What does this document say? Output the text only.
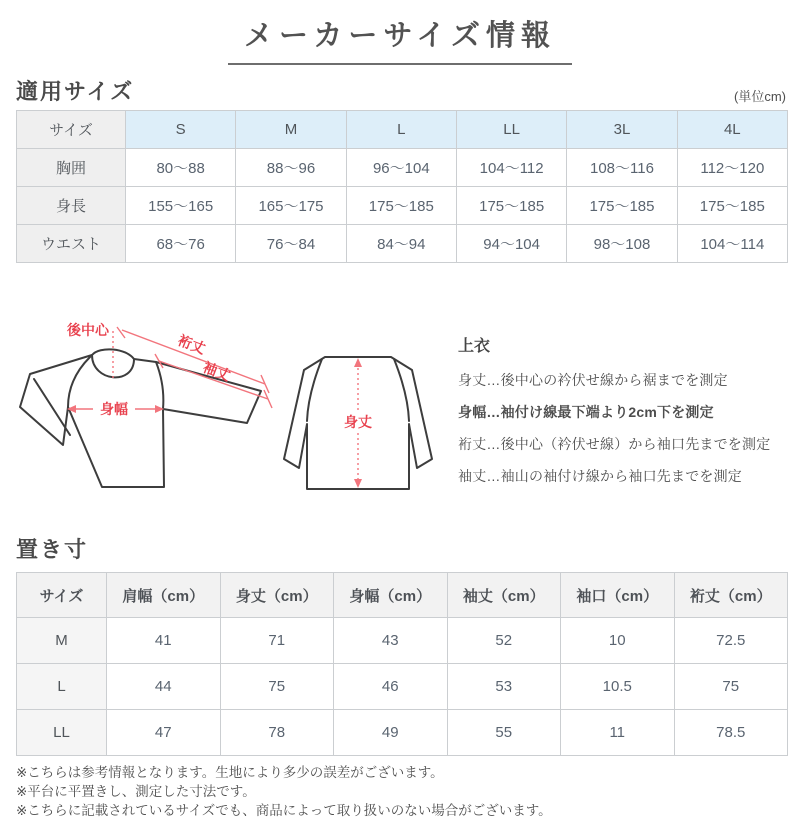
メーカーサイズ情報
適用サイズ	(単位cm)
サイズ	S	M	L	LL	3L	4L
胸囲	80〜88	88〜96	96〜104	104〜112	108〜116	112〜120
身長	155〜165	165〜175	175〜185	175〜185	175〜185	175〜185
ウエスト	68〜76	76〜84	84〜94	94〜104	98〜108	104〜114
後中心
裄丈
袖丈
身幅
身丈
上衣
身丈…後中心の衿伏せ線から裾までを測定
身幅…袖付け線最下端より2cm下を測定
裄丈…後中心（衿伏せ線）から袖口先までを測定
袖丈…袖山の袖付け線から袖口先までを測定
置き寸
サイズ	肩幅（cm）	身丈（cm）	身幅（cm）	袖丈（cm）	袖口（cm）	裄丈（cm）
M	41	71	43	52	10	72.5
L	44	75	46	53	10.5	75
LL	47	78	49	55	11	78.5
※こちらは参考情報となります。生地により多少の誤差がございます。
※平台に平置きし、測定した寸法です。
※こちらに記載されているサイズでも、商品によって取り扱いのない場合がございます。
